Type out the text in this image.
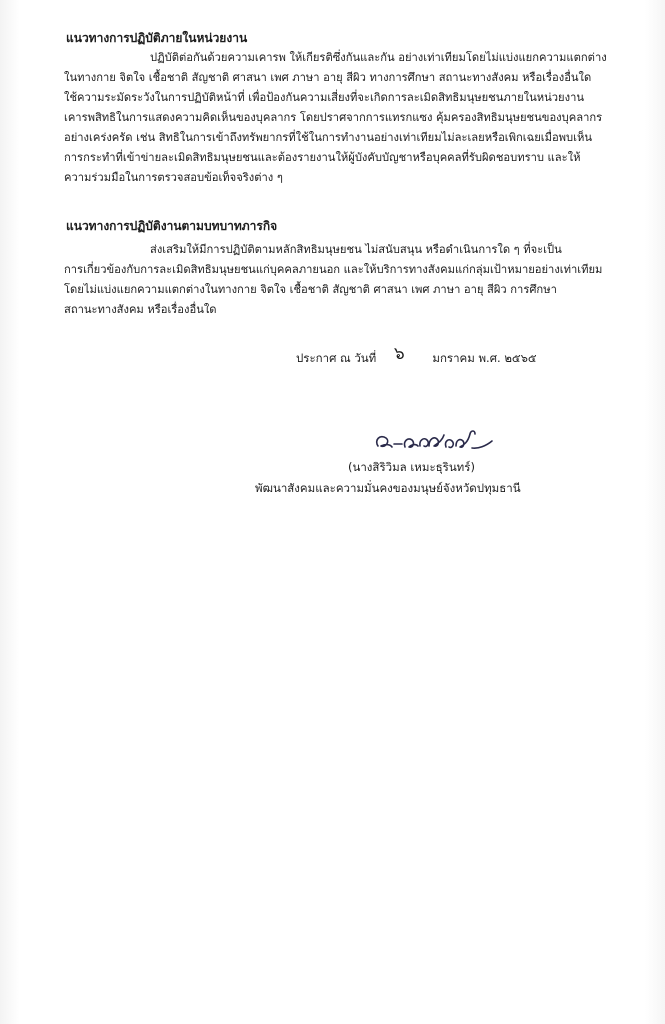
แนวทางการปฏิบัติภายในหน่วยงาน
ปฏิบัติต่อกันด้วยความเคารพ ให้เกียรติซึ่งกันและกัน อย่างเท่าเทียมโดยไม่แบ่งแยกความแตกต่าง
ในทางกาย จิตใจ เชื้อชาติ สัญชาติ ศาสนา เพศ ภาษา อายุ สีผิว ทางการศึกษา สถานะทางสังคม หรือเรื่องอื่นใด
ใช้ความระมัดระวังในการปฏิบัติหน้าที่ เพื่อป้องกันความเสี่ยงที่จะเกิดการละเมิดสิทธิมนุษยชนภายในหน่วยงาน
เคารพสิทธิในการแสดงความคิดเห็นของบุคลากร โดยปราศจากการแทรกแซง คุ้มครองสิทธิมนุษยชนของบุคลากร
อย่างเคร่งครัด เช่น สิทธิในการเข้าถึงทรัพยากรที่ใช้ในการทำงานอย่างเท่าเทียมไม่ละเลยหรือเพิกเฉยเมื่อพบเห็น
การกระทำที่เข้าข่ายละเมิดสิทธิมนุษยชนและต้องรายงานให้ผู้บังคับบัญชาหรือบุคคลที่รับผิดชอบทราบ และให้
ความร่วมมือในการตรวจสอบข้อเท็จจริงต่าง ๆ
แนวทางการปฏิบัติงานตามบทบาทภารกิจ
ส่งเสริมให้มีการปฏิบัติตามหลักสิทธิมนุษยชน ไม่สนับสนุน หรือดำเนินการใด ๆ ที่จะเป็น
การเกี่ยวข้องกับการละเมิดสิทธิมนุษยชนแก่บุคคลภายนอก และให้บริการทางสังคมแก่กลุ่มเป้าหมายอย่างเท่าเทียม
โดยไม่แบ่งแยกความแตกต่างในทางกาย จิตใจ เชื้อชาติ สัญชาติ ศาสนา เพศ ภาษา อายุ สีผิว การศึกษา
สถานะทางสังคม หรือเรื่องอื่นใด
ประกาศ ณ วันที่ ๖ มกราคม พ.ศ. ๒๕๖๕
(นางสิริวิมล เหมะธุรินทร์)
พัฒนาสังคมและความมั่นคงของมนุษย์จังหวัดปทุมธานี
